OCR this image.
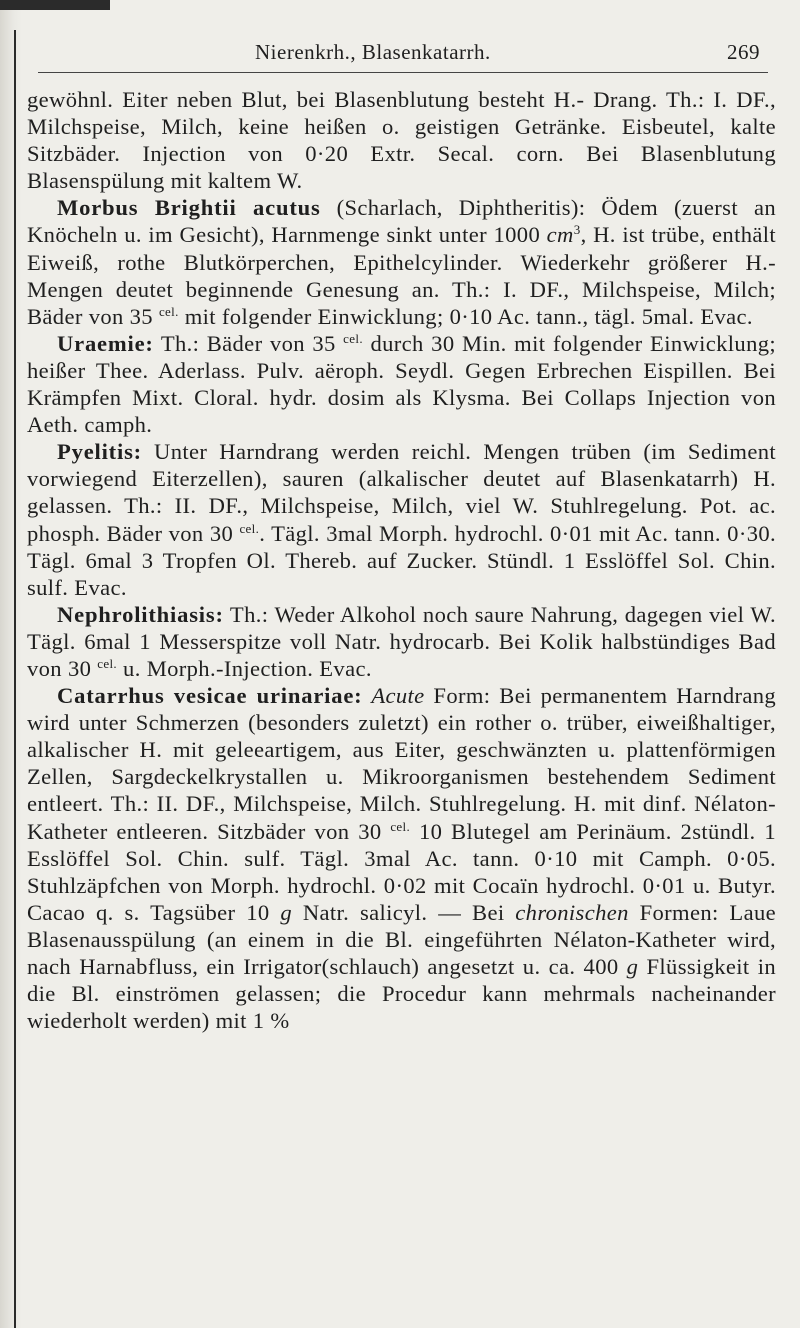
Nierenkrh., Blasenkatarrh.	269

gewöhnl. Eiter neben Blut, bei Blasenblutung besteht H.- Drang. Th.: I. DF., Milchspeise, Milch, keine heißen o. geistigen Getränke. Eisbeutel, kalte Sitzbäder. Injection von 0·20 Extr. Secal. corn. Bei Blasenblutung Blasenspülung mit kaltem W.

Morbus Brightii acutus (Scharlach, Diphtheritis): Ödem (zuerst an Knöcheln u. im Gesicht), Harnmenge sinkt unter 1000 $cm^3$, H. ist trübe, enthält Eiweiß, rothe Blutkörperchen, Epithelcylinder. Wiederkehr größerer H.-Mengen deutet beginnende Genesung an. Th.: I. DF., Milchspeise, Milch; Bäder von 35 $^{cel.}$ mit folgender Einwicklung; 0·10 Ac. tann., tägl. 5mal. Evac.

Uraemie: Th.: Bäder von 35 $^{cel.}$ durch 30 Min. mit folgender Einwicklung; heißer Thee. Aderlass. Pulv. aëroph. Seydl. Gegen Erbrechen Eispillen. Bei Krämpfen Mixt. Cloral. hydr. dosim als Klysma. Bei Collaps Injection von Aeth. camph.

Pyelitis: Unter Harndrang werden reichl. Mengen trüben (im Sediment vorwiegend Eiterzellen), sauren (alkalischer deutet auf Blasenkatarrh) H. gelassen. Th.: II. DF., Milchspeise, Milch, viel W. Stuhlregelung. Pot. ac. phosph. Bäder von 30 $^{cel.}$. Tägl. 3mal Morph. hydrochl. 0·01 mit Ac. tann. 0·30. Tägl. 6mal 3 Tropfen Ol. Thereb. auf Zucker. Stündl. 1 Esslöffel Sol. Chin. sulf. Evac.

Nephrolithiasis: Th.: Weder Alkohol noch saure Nahrung, dagegen viel W. Tägl. 6mal 1 Messerspitze voll Natr. hydrocarb. Bei Kolik halbstündiges Bad von 30 $^{cel.}$ u. Morph.-Injection. Evac.

Catarrhus vesicae urinariae: Acute Form: Bei permanentem Harndrang wird unter Schmerzen (besonders zuletzt) ein rother o. trüber, eiweißhaltiger, alkalischer H. mit geleeartigem, aus Eiter, geschwänzten u. plattenförmigen Zellen, Sargdeckelkrystallen u. Mikroorganismen bestehendem Sediment entleert. Th.: II. DF., Milchspeise, Milch. Stuhlregelung. H. mit dinf. Nélaton-Katheter entleeren. Sitzbäder von 30 $^{cel.}$ 10 Blutegel am Perinäum. 2stündl. 1 Esslöffel Sol. Chin. sulf. Tägl. 3mal Ac. tann. 0·10 mit Camph. 0·05. Stuhlzäpfchen von Morph. hydrochl. 0·02 mit Cocaïn hydrochl. 0·01 u. Butyr. Cacao q. s. Tagsüber 10 g Natr. salicyl. — Bei chronischen Formen: Laue Blasenausspülung (an einem in die Bl. eingeführten Nélaton-Katheter wird, nach Harnabfluss, ein Irrigator(schlauch) angesetzt u. ca. 400 g Flüssigkeit in die Bl. einströmen gelassen; die Procedur kann mehrmals nacheinander wiederholt werden) mit 1 %
